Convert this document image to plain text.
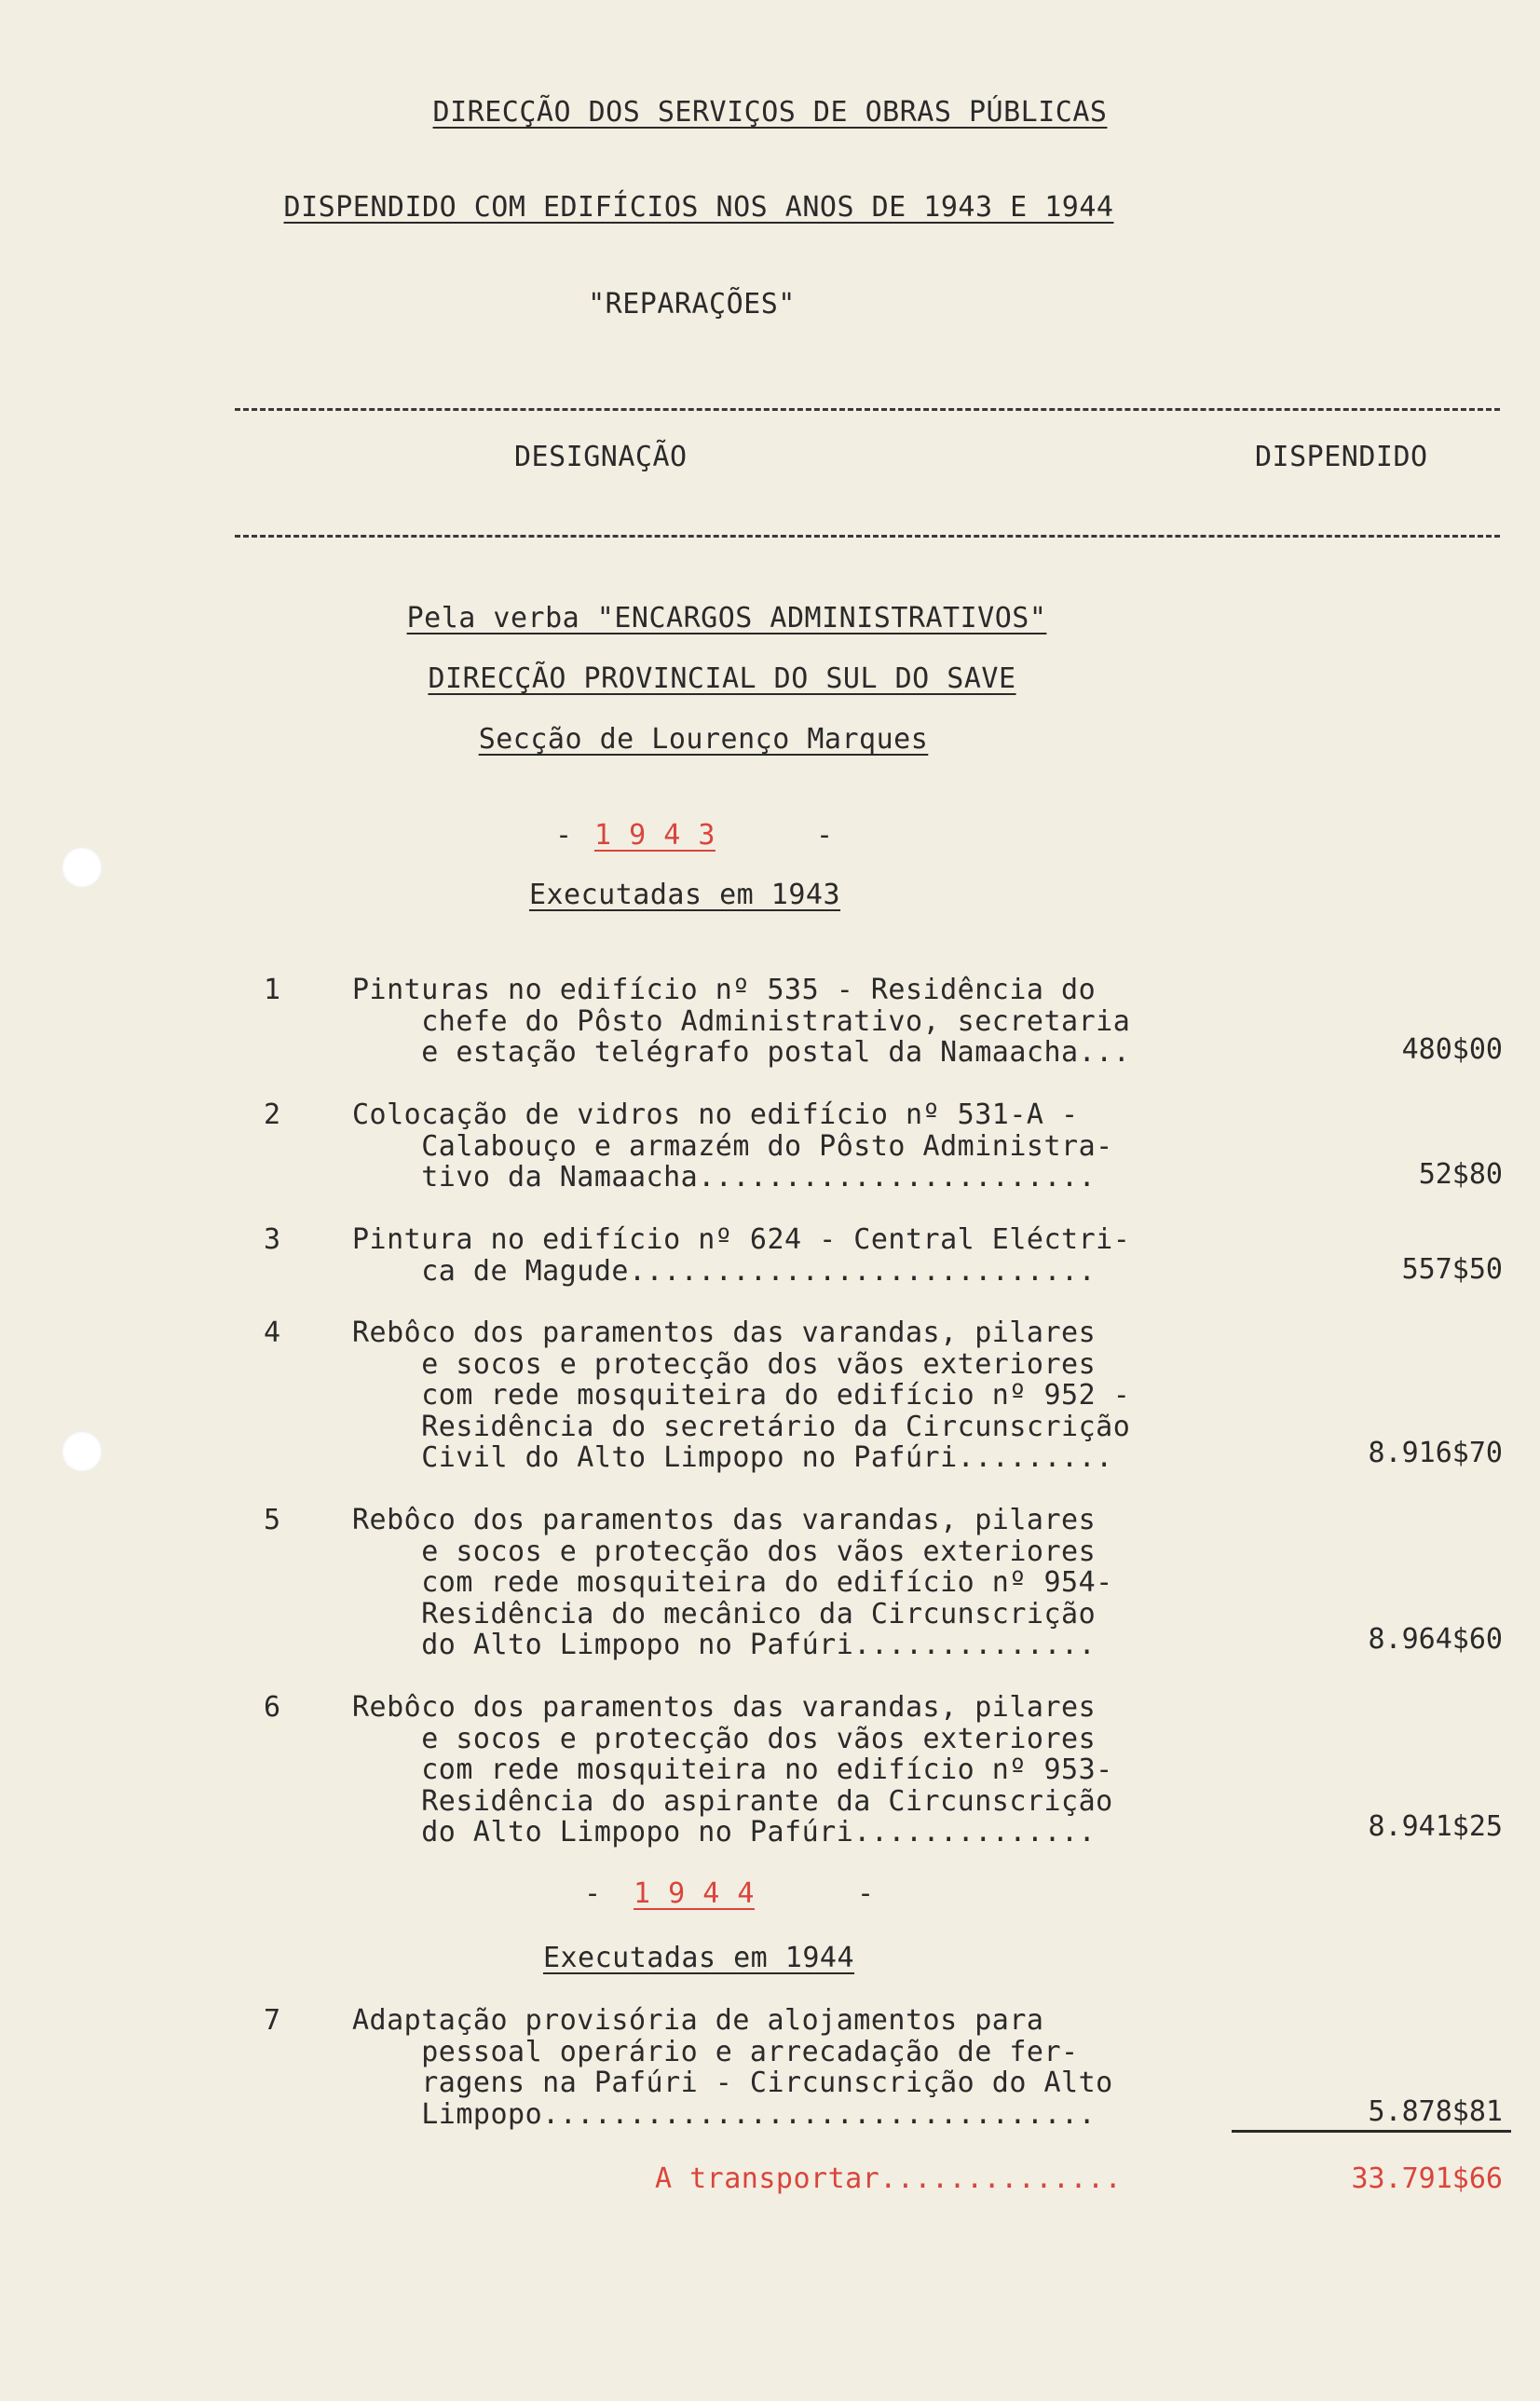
DIRECÇÃO DOS SERVIÇOS DE OBRAS PÚBLICAS
DISPENDIDO COM EDIFÍCIOS NOS ANOS DE 1943 E 1944
"REPARAÇÕES"
DESIGNAÇÃO	DISPENDIDO
Pela verba "ENCARGOS ADMINISTRATIVOS"
DIRECÇÃO PROVINCIAL DO SUL DO SAVE
Secção de Lourenço Marques
- 1 9 4 3	-
Executadas em 1943
1	Pinturas no edifício nº 535 - Residência do
chefe do Pôsto Administrativo, secretaria
e estação telégrafo postal da Namaacha...	480$00
2	Colocação de vidros no edifício nº 531-A -
Calabouço e armazém do Pôsto Administra-
tivo da Namaacha.......................	52$80
3	Pintura no edifício nº 624 - Central Eléctri-
ca de Magude...........................	557$50
4	Rebôco dos paramentos das varandas, pilares
e socos e protecção dos vãos exteriores
com rede mosquiteira do edifício nº 952 -
Residência do secretário da Circunscrição
Civil do Alto Limpopo no Pafúri.........	8.916$70
5	Rebôco dos paramentos das varandas, pilares
e socos e protecção dos vãos exteriores
com rede mosquiteira do edifício nº 954-
Residência do mecânico da Circunscrição
do Alto Limpopo no Pafúri..............	8.964$60
6	Rebôco dos paramentos das varandas, pilares
e socos e protecção dos vãos exteriores
com rede mosquiteira no edifício nº 953-
Residência do aspirante da Circunscrição
do Alto Limpopo no Pafúri..............	8.941$25
- 1 9 4 4	-
Executadas em 1944
7	Adaptação provisória de alojamentos para
pessoal operário e arrecadação de fer-
ragens na Pafúri - Circunscrição do Alto
Limpopo................................	5.878$81
A transportar..............	33.791$66
